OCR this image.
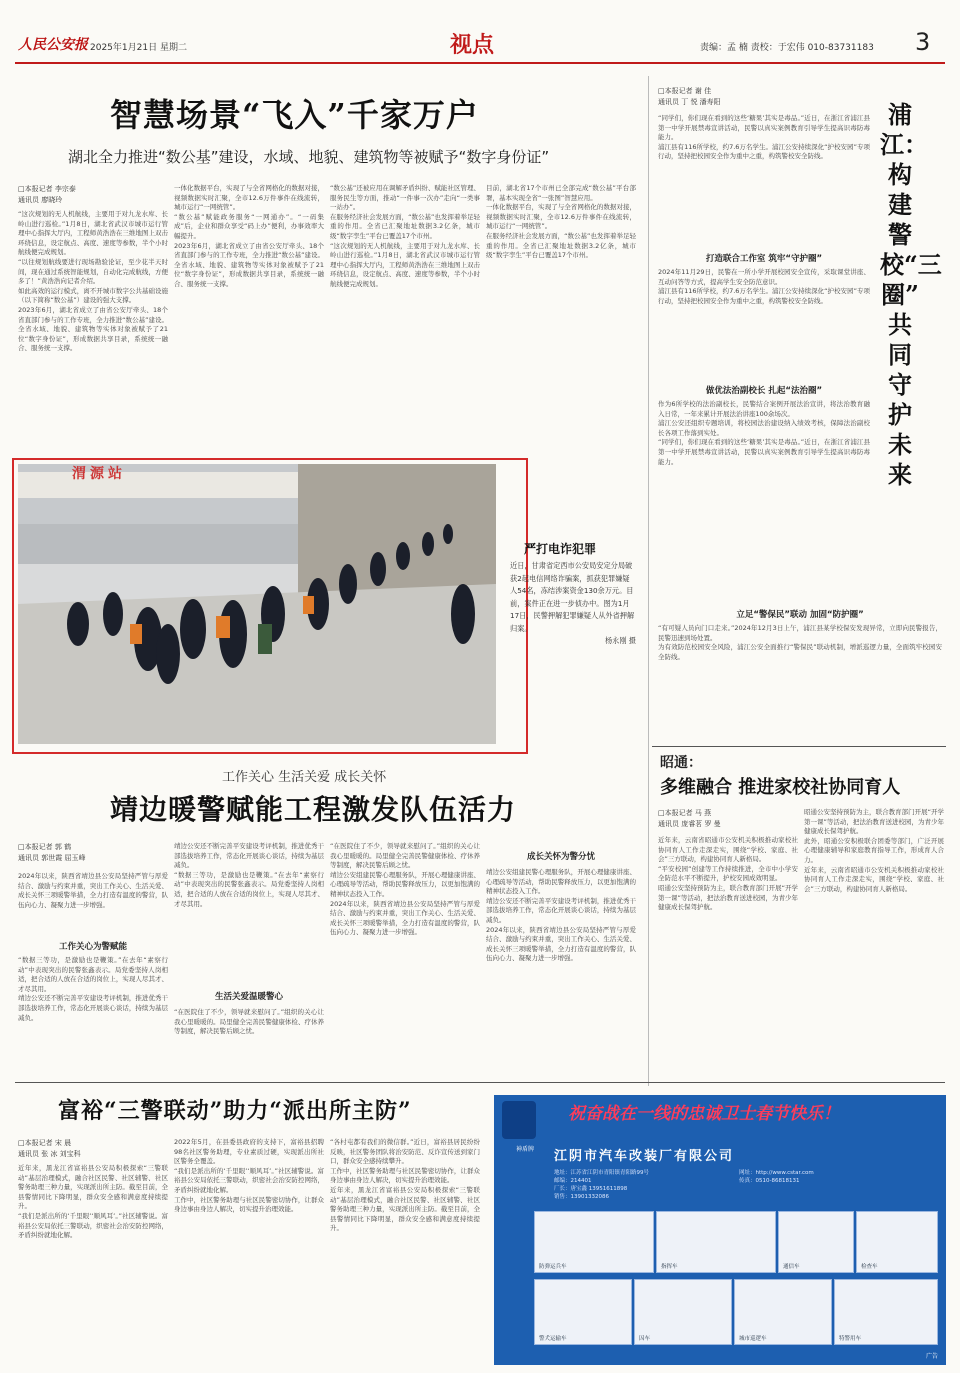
人民公安报 2025年1月21日 星期二	视点	责编：孟 楠 责校：于宏伟 010-83731183 3
智慧场景“飞入”千家万户
湖北全力推进“数公基”建设，水域、地貌、建筑物等被赋予“数字身份证”
□本报记者 李宗泰
通讯员 廖晓玲

“这次规划的无人机航线，主要用于对九龙水库、长岭山进行巡检。”1月8日，湖北省武汉市城市运行管理中心指挥大厅内，工程师黄浩浩在三维地图上双击环绕信息，设定航点、高度、速度等参数，半个小时航线便完成规划。

“以往规划航线要进行现场勘验论证，至少花半天时间，现在通过系统智能规划，自动化完成航线，方便多了！”黄浩浩向记者介绍。

如此高效的运行模式，离不开城市数字公共基础设施（以下简称“数公基”）建设的强大支撑。

2023年6月，湖北省成立了由省公安厅牵头、18个省直部门参与的工作专班，全力推进“数公基”建设。全省水域、地貌、建筑物等实体对象被赋予了21位“数字身份证”，形成数据共享目录，系统统一融合、服务统一支撑。

一体化数据平台，实现了与全省网格化的数据对接，视频数据实时汇聚，全市12.6万件事件在线流转，城市运行“一网统管”。

“数公基”赋能政务服务“一网通办”。“一码集成”后，企业和群众享受“码上办”便利，办事效率大幅提升。

2023年6月，湖北省成立了由省公安厅牵头、18个省直部门参与的工作专班，全力推进“数公基”建设。全省水域、地貌、建筑物等实体对象被赋予了21位“数字身份证”，形成数据共享目录，系统统一融合、服务统一支撑。

“数公基”还被应用在调解矛盾纠纷、赋能社区管理、服务民生等方面，推动“一件事一次办”走向“一类事一站办”。

在服务经济社会发展方面，“数公基”也发挥着举足轻重的作用。全省已汇聚地址数据3.2亿条，城市级“数字孪生”平台已覆盖17个市州。

“这次规划的无人机航线，主要用于对九龙水库、长岭山进行巡检。”1月8日，湖北省武汉市城市运行管理中心指挥大厅内，工程师黄浩浩在三维地图上双击环绕信息，设定航点、高度、速度等参数，半个小时航线便完成规划。

目前，湖北省17个市州已全部完成“数公基”平台部署，基本实现全省“一张图”智慧应用。

一体化数据平台，实现了与全省网格化的数据对接，视频数据实时汇聚，全市12.6万件事件在线流转，城市运行“一网统管”。

在服务经济社会发展方面，“数公基”也发挥着举足轻重的作用。全省已汇聚地址数据3.2亿条，城市级“数字孪生”平台已覆盖17个市州。

渭源站
严打电诈犯罪
近日，甘肃省定西市公安局安定分局破获2起电信网络诈骗案，抓获犯罪嫌疑人54名，冻结涉案资金130余万元。目前，案件正在进一步侦办中。图为1月17日，民警押解犯罪嫌疑人从外省押解归案。
杨永刚 摄
工作关心 生活关爱 成长关怀
靖边暖警赋能工程激发队伍活力
□本报记者 郭 鹤
通讯员 郭世霞 屈玉峰

2024年以来，陕西省靖边县公安局坚持严管与厚爱结合、激励与约束并重，突出工作关心、生活关爱、成长关怀三项暖警举措，全力打造有温度的警营，队伍向心力、凝聚力进一步增强。

工作关心为警赋能

“数据三等功，是激励也是鞭策。”在去年“素察行动”中表现突出的民警张鑫表示。局党委坚持人岗相适，把合适的人放在合适的岗位上，实现人尽其才、才尽其用。

靖边公安还不断完善平安建设考评机制，推进优秀干部选拔培养工作，常态化开展谈心谈话，持续为基层减负。

靖边公安还不断完善平安建设考评机制，推进优秀干部选拔培养工作，常态化开展谈心谈话，持续为基层减负。

“数据三等功，是激励也是鞭策。”在去年“素察行动”中表现突出的民警张鑫表示。局党委坚持人岗相适，把合适的人放在合适的岗位上，实现人尽其才、才尽其用。

生活关爱温暖警心

“在医院住了不少，领导就来慰问了。”组织的关心让我心里暖暖的。局里健全完善民警健康体检、疗休养等制度，解决民警后顾之忧。

“在医院住了不少，领导就来慰问了。”组织的关心让我心里暖暖的。局里健全完善民警健康体检、疗休养等制度，解决民警后顾之忧。

靖边公安组建民警心理服务队，开展心理健康讲座、心理疏导等活动，帮助民警释放压力，以更加饱满的精神状态投入工作。

2024年以来，陕西省靖边县公安局坚持严管与厚爱结合、激励与约束并重，突出工作关心、生活关爱、成长关怀三项暖警举措，全力打造有温度的警营，队伍向心力、凝聚力进一步增强。

成长关怀为警分忧

靖边公安组建民警心理服务队，开展心理健康讲座、心理疏导等活动，帮助民警释放压力，以更加饱满的精神状态投入工作。

靖边公安还不断完善平安建设考评机制，推进优秀干部选拔培养工作，常态化开展谈心谈话，持续为基层减负。

2024年以来，陕西省靖边县公安局坚持严管与厚爱结合、激励与约束并重，突出工作关心、生活关爱、成长关怀三项暖警举措，全力打造有温度的警营，队伍向心力、凝聚力进一步增强。

□本报记者 谢 佳
通讯员 丁 悦 潘寿阳	浦江：构建警校“三圈” 共同守护未来

“同学们，你们现在看到的这些‘糖果’其实是毒品。”近日，在浙江省浦江县第一中学开展禁毒宣讲活动，民警以真实案例教育引导学生提高识毒防毒能力。

浦江县有116所学校，约7.6万名学生。浦江公安持续深化“护校安园”专项行动，坚持把校园安全作为重中之重，构筑警校安全防线。

打造联合工作室 筑牢“守护圈”

2024年11月29日，民警在一所小学开展校园安全宣传，采取课堂讲座、互动问答等方式，提高学生安全防范意识。

浦江县有116所学校，约7.6万名学生。浦江公安持续深化“护校安园”专项行动，坚持把校园安全作为重中之重，构筑警校安全防线。

做优法治副校长 扎起“法治圈”

作为6所学校的法治副校长，民警结合案例开展法治宣讲，将法治教育融入日常，一年来累计开展法治讲座100余场次。

浦江公安还组织专题培训，将校园法治建设纳入绩效考核，保障法治副校长各项工作落到实处。

“同学们，你们现在看到的这些‘糖果’其实是毒品。”近日，在浙江省浦江县第一中学开展禁毒宣讲活动，民警以真实案例教育引导学生提高识毒防毒能力。

立足“警保民”联动 加固“防护圈”

“有可疑人员向门口走来。”2024年12月3日上午，浦江县某学校保安发现异常，立即向民警报告，民警迅速到场处置。

为有效防范校园安全风险，浦江公安全面推行“警保民”联动机制，增派巡逻力量，全面筑牢校园安全防线。

昭通：
多维融合 推进家校社协同育人
□本报记者 马 燕
通讯员 庞睿茗 罗 曼

近年来，云南省昭通市公安机关积极推动家校社协同育人工作走深走实，围绕“学校、家庭、社会”三方联动，构建协同育人新格局。

“平安校园”创建等工作持续推进，全市中小学安全防范水平不断提升，护校安园成效明显。

昭通公安坚持预防为主，联合教育部门开展“开学第一课”等活动，把法治教育送进校园，为青少年健康成长保驾护航。

昭通公安坚持预防为主，联合教育部门开展“开学第一课”等活动，把法治教育送进校园，为青少年健康成长保驾护航。

此外，昭通公安积极联合团委等部门，广泛开展心理健康辅导和家庭教育指导工作，形成育人合力。

近年来，云南省昭通市公安机关积极推动家校社协同育人工作走深走实，围绕“学校、家庭、社会”三方联动，构建协同育人新格局。

富裕“三警联动”助力“派出所主防”
□本报记者 宋 晨
通讯员 张 冰 刘宝科

近年来，黑龙江省富裕县公安局积极探索“三警联动”基层治理模式，融合社区民警、社区辅警、社区警务助理三种力量，实现派出所主防。截至目前，全县警情同比下降明显，群众安全感和满意度持续提升。

“我们是派出所的‘千里眼’‘顺风耳’。”社区辅警说。富裕县公安局依托三警联动，织密社会治安防控网络，矛盾纠纷就地化解。

2022年5月，在县委县政府的支持下，富裕县招聘98名社区警务助理，专业素质过硬，实现派出所社区警务全覆盖。

“我们是派出所的‘千里眼’‘顺风耳’。”社区辅警说。富裕县公安局依托三警联动，织密社会治安防控网络，矛盾纠纷就地化解。

工作中，社区警务助理与社区民警密切协作，让群众身边事由身边人解决，切实提升治理效能。

“各村屯都有我们的微信群。”近日，富裕县居民纷纷反映，社区警务团队将治安防范、反诈宣传送到家门口，群众安全感持续攀升。

工作中，社区警务助理与社区民警密切协作，让群众身边事由身边人解决，切实提升治理效能。

近年来，黑龙江省富裕县公安局积极探索“三警联动”基层治理模式，融合社区民警、社区辅警、社区警务助理三种力量，实现派出所主防。截至目前，全县警情同比下降明显，群众安全感和满意度持续提升。

神盾牌
祝奋战在一线的忠诚卫士春节快乐！
江阴市汽车改装厂有限公司
地址：江苏省江阴市青阳镇青阳路99号
邮编：214401
厂长：唐宝鑫 13951611898
销售：13901332086
网址：http://www.cstar.com
传真：0510-86818131
防弹运兵车	指挥车	通信车	检查车
警犬运输车	囚车	城市巡逻车	特警用车
广告
